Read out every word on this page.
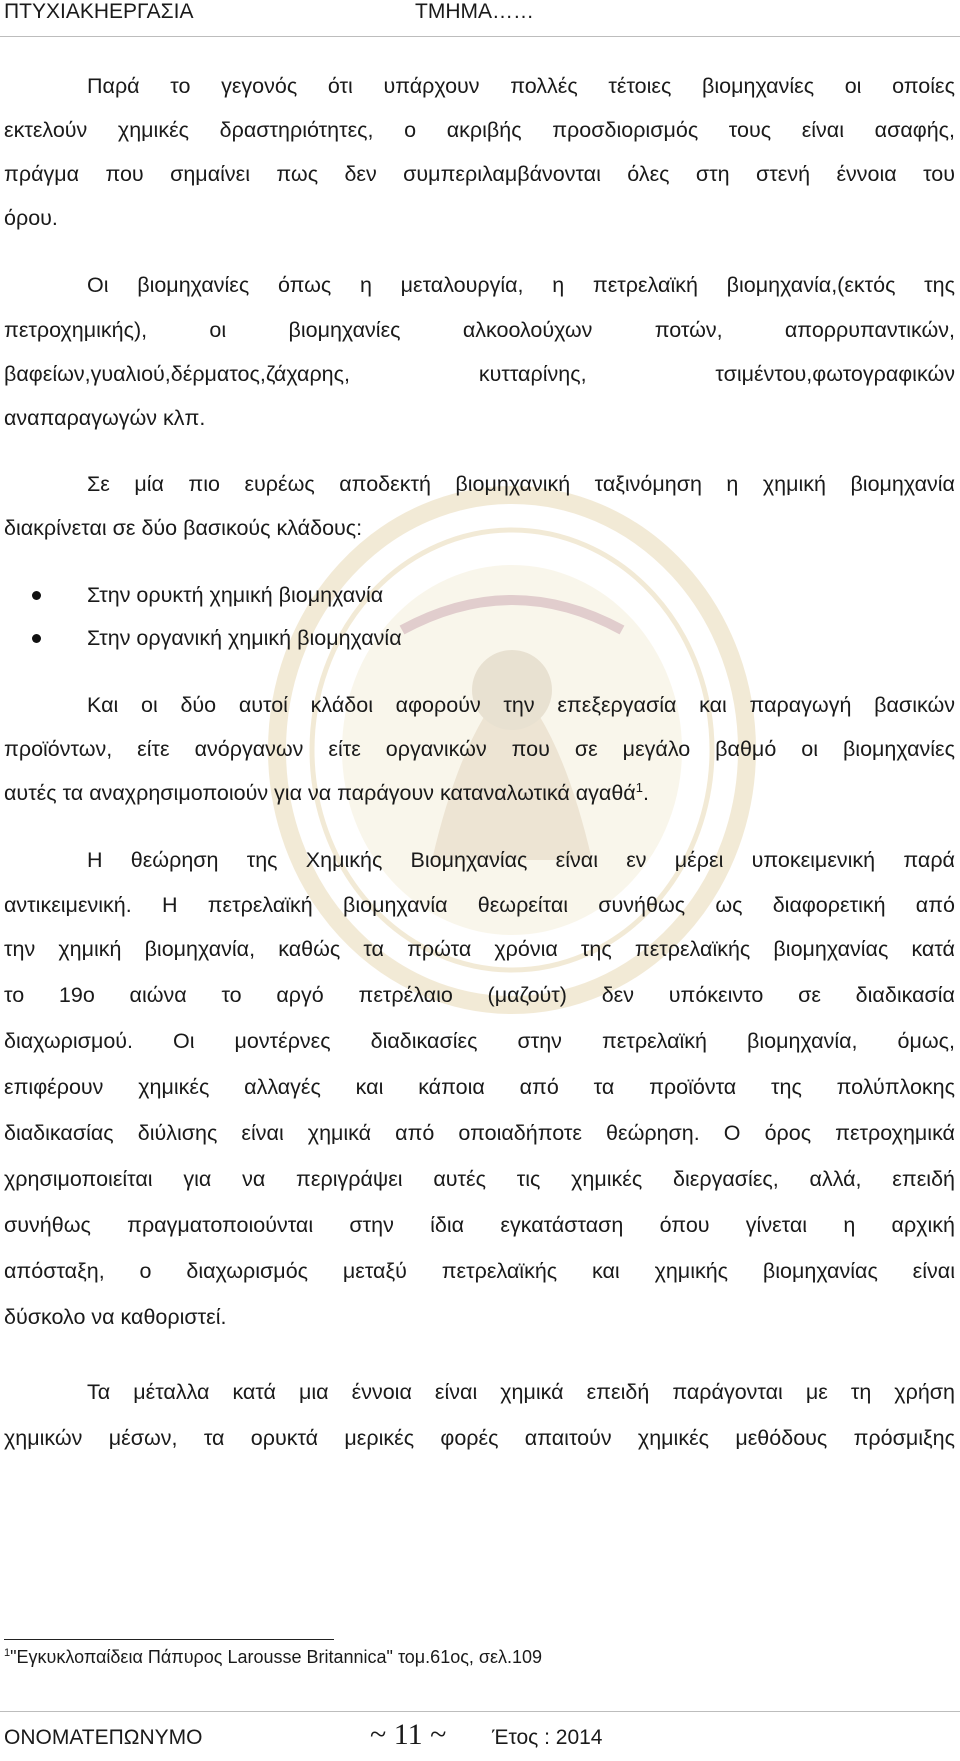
ΠΤΥΧΙΑΚΗΕΡΓΑΣΙΑ	ΤΜΗΜΑ……
Παρά το γεγονός ότι υπάρχουν πολλές τέτοιες βιομηχανίες οι οποίες
εκτελούν χημικές δραστηριότητες, ο ακριβής προσδιορισμός τους είναι ασαφής,
πράγμα που σημαίνει πως δεν συμπεριλαμβάνονται όλες στη στενή έννοια του
όρου.
Οι βιομηχανίες όπως η μεταλουργία, η πετρελαϊκή βιομηχανία,(εκτός της
πετροχημικής), οι βιομηχανίες αλκοολούχων ποτών, απορρυπαντικών,
βαφείων,γυαλιού,δέρματος,ζάχαρης, κυτταρίνης, τσιμέντου,φωτογραφικών
αναπαραγωγών κλπ.
Σε μία πιο ευρέως αποδεκτή βιομηχανική ταξινόμηση η χημική βιομηχανία
διακρίνεται σε δύο βασικούς κλάδους:
Στην ορυκτή χημική βιομηχανία
Στην οργανική χημική βιομηχανία
Και οι δύο αυτοί κλάδοι αφορούν την επεξεργασία και παραγωγή βασικών
προϊόντων, είτε ανόργανων είτε οργανικών που σε μεγάλο βαθμό οι βιομηχανίες
αυτές τα αναχρησιμοποιούν για να παράγουν καταναλωτικά αγαθά$^1$.
Η θεώρηση της Χημικής Βιομηχανίας είναι εν μέρει υποκειμενική παρά
αντικειμενική. Η πετρελαϊκή βιομηχανία θεωρείται συνήθως ως διαφορετική από
την χημική βιομηχανία, καθώς τα πρώτα χρόνια της πετρελαϊκής βιομηχανίας κατά
το 19ο αιώνα το αργό πετρέλαιο (μαζούτ) δεν υπόκειντο σε διαδικασία
διαχωρισμού. Οι μοντέρνες διαδικασίες στην πετρελαϊκή βιομηχανία, όμως,
επιφέρουν χημικές αλλαγές και κάποια από τα προϊόντα της πολύπλοκης
διαδικασίας διύλισης είναι χημικά από οποιαδήποτε θεώρηση. Ο όρος πετροχημικά
χρησιμοποιείται για να περιγράψει αυτές τις χημικές διεργασίες, αλλά, επειδή
συνήθως πραγματοποιούνται στην ίδια εγκατάσταση όπου γίνεται η αρχική
απόσταξη, ο διαχωρισμός μεταξύ πετρελαϊκής και χημικής βιομηχανίας είναι
δύσκολο να καθοριστεί.
Τα μέταλλα κατά μια έννοια είναι χημικά επειδή παράγονται με τη χρήση
χημικών μέσων, τα ορυκτά μερικές φορές απαιτούν χημικές μεθόδους πρόσμιξης
$^1$"Εγκυκλοπαίδεια Πάπυρος Larousse Britannica" τομ.61ος, σελ.109
ΟΝΟΜΑΤΕΠΩΝΥΜΟ	~ 11 ~ Έτος : 2014
